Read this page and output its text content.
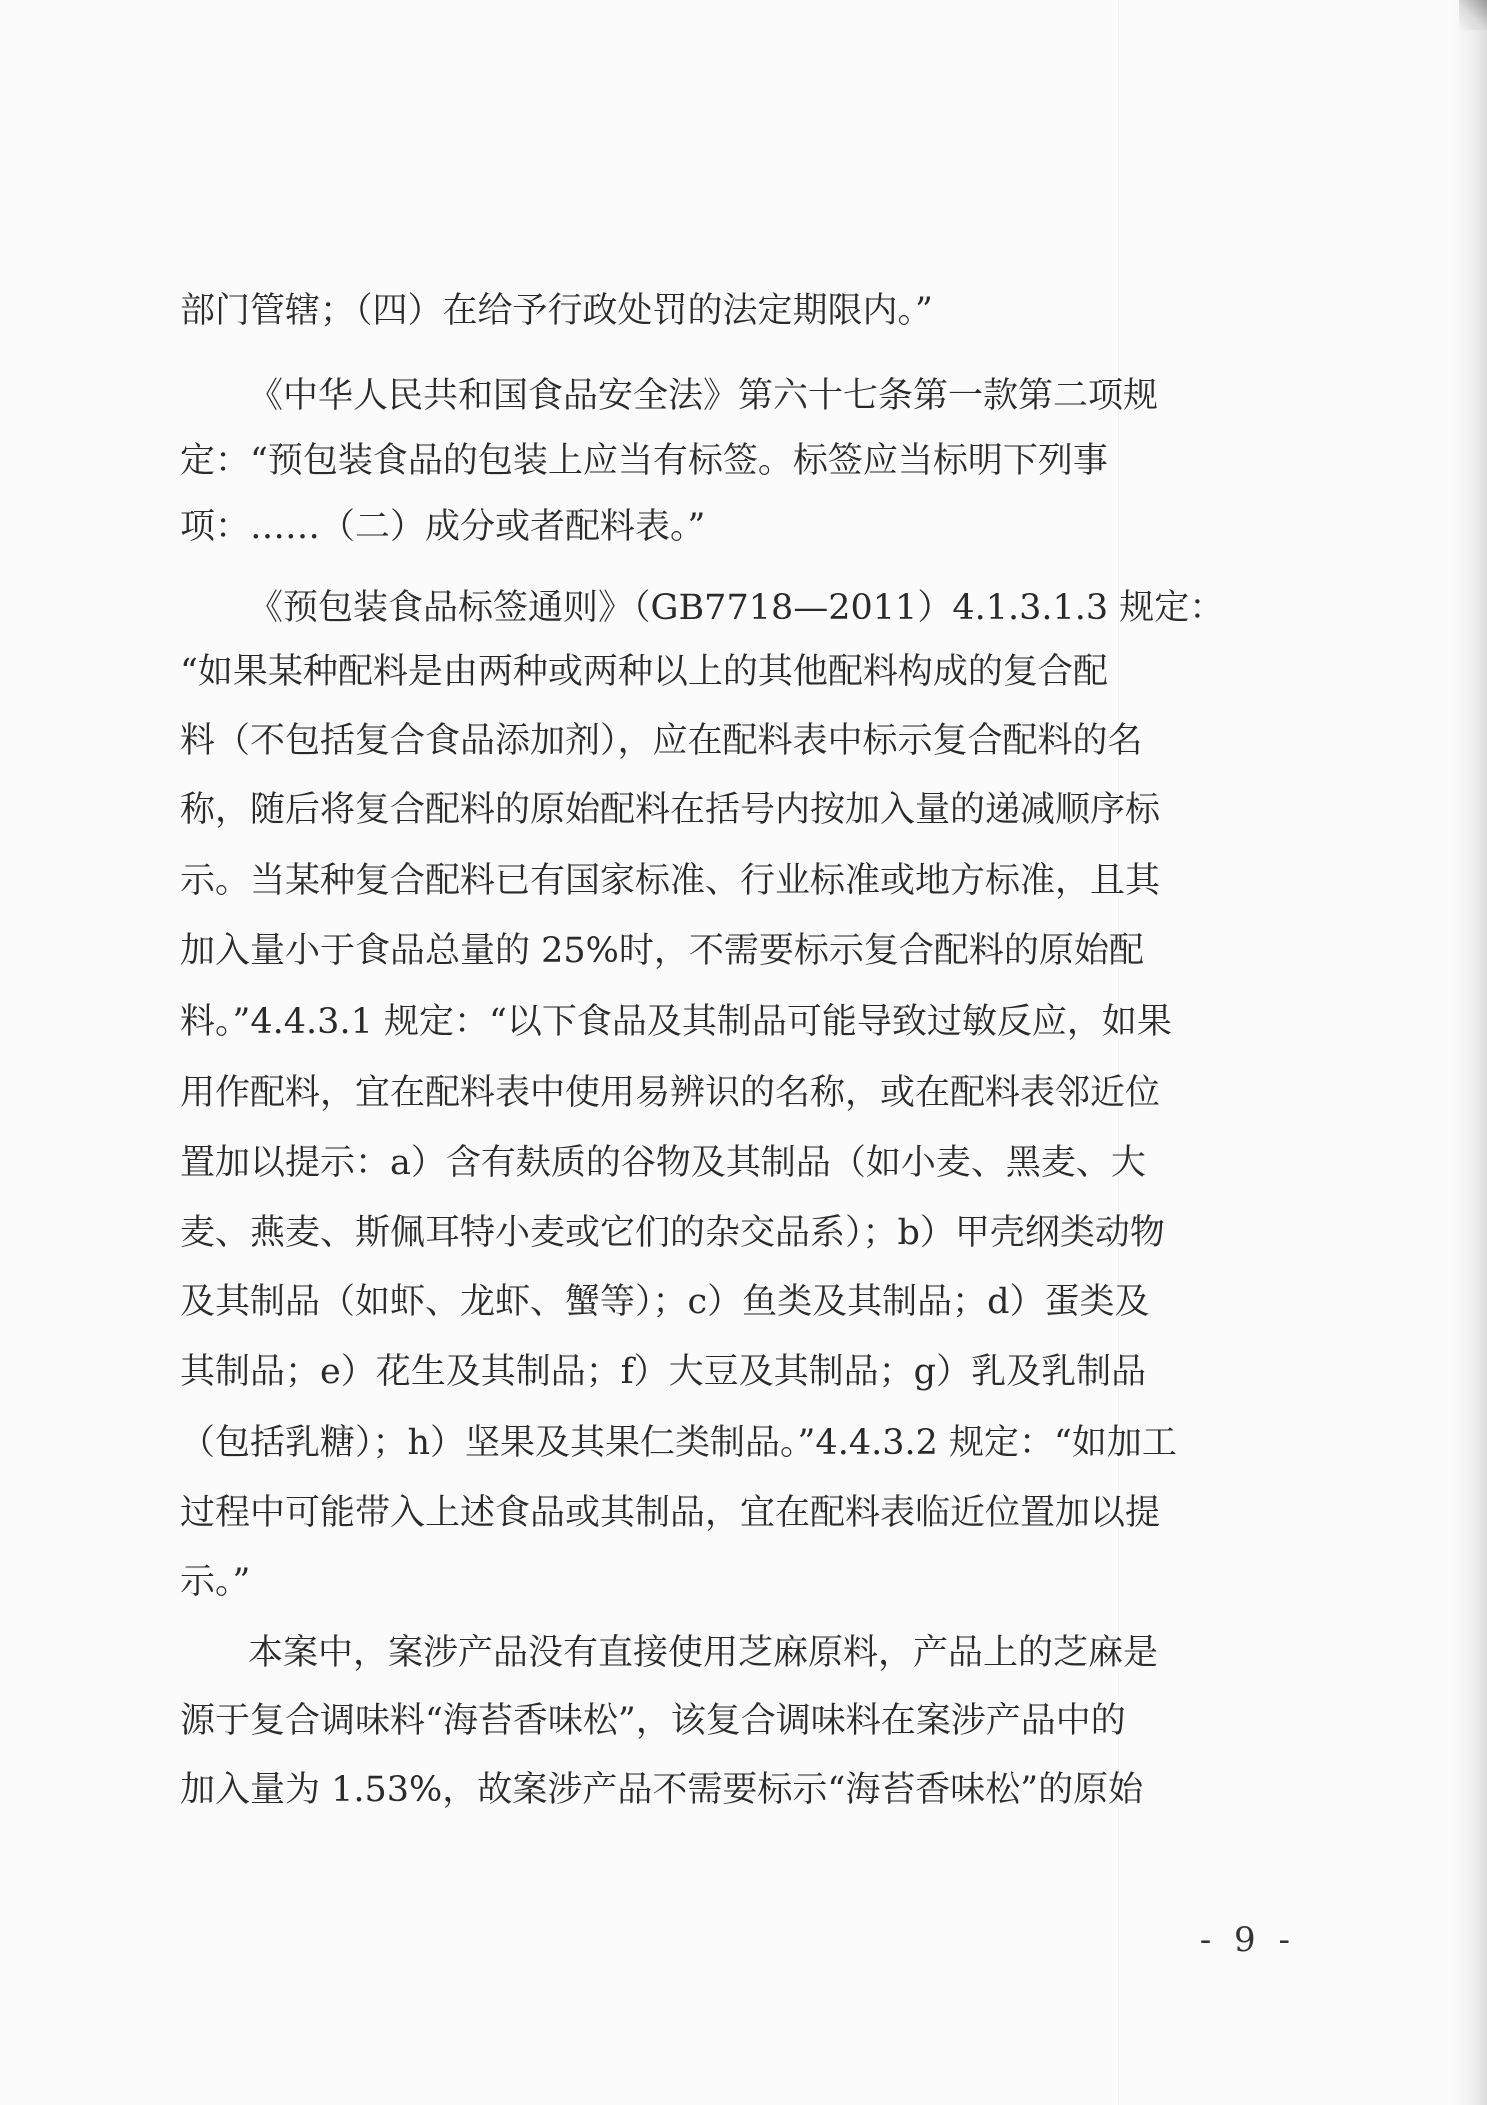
部门管辖；（四）在给予行政处罚的法定期限内。”
《中华人民共和国食品安全法》第六十七条第一款第二项规
定：“预包装食品的包装上应当有标签。标签应当标明下列事
项：……（二）成分或者配料表。”
《预包装食品标签通则》（GB7718—2011）4.1.3.1.3 规定：
“如果某种配料是由两种或两种以上的其他配料构成的复合配
料（不包括复合食品添加剂），应在配料表中标示复合配料的名
称，随后将复合配料的原始配料在括号内按加入量的递减顺序标
示。当某种复合配料已有国家标准、行业标准或地方标准，且其
加入量小于食品总量的 25%时，不需要标示复合配料的原始配
料。”4.4.3.1 规定：“以下食品及其制品可能导致过敏反应，如果
用作配料，宜在配料表中使用易辨识的名称，或在配料表邻近位
置加以提示：a）含有麸质的谷物及其制品（如小麦、黑麦、大
麦、燕麦、斯佩耳特小麦或它们的杂交品系）；b）甲壳纲类动物
及其制品（如虾、龙虾、蟹等）；c）鱼类及其制品；d）蛋类及
其制品；e）花生及其制品；f）大豆及其制品；g）乳及乳制品
（包括乳糖）；h）坚果及其果仁类制品。”4.4.3.2 规定：“如加工
过程中可能带入上述食品或其制品，宜在配料表临近位置加以提
示。”
本案中，案涉产品没有直接使用芝麻原料，产品上的芝麻是
源于复合调味料“海苔香味松”，该复合调味料在案涉产品中的
加入量为 1.53%，故案涉产品不需要标示“海苔香味松”的原始
- 9 -
